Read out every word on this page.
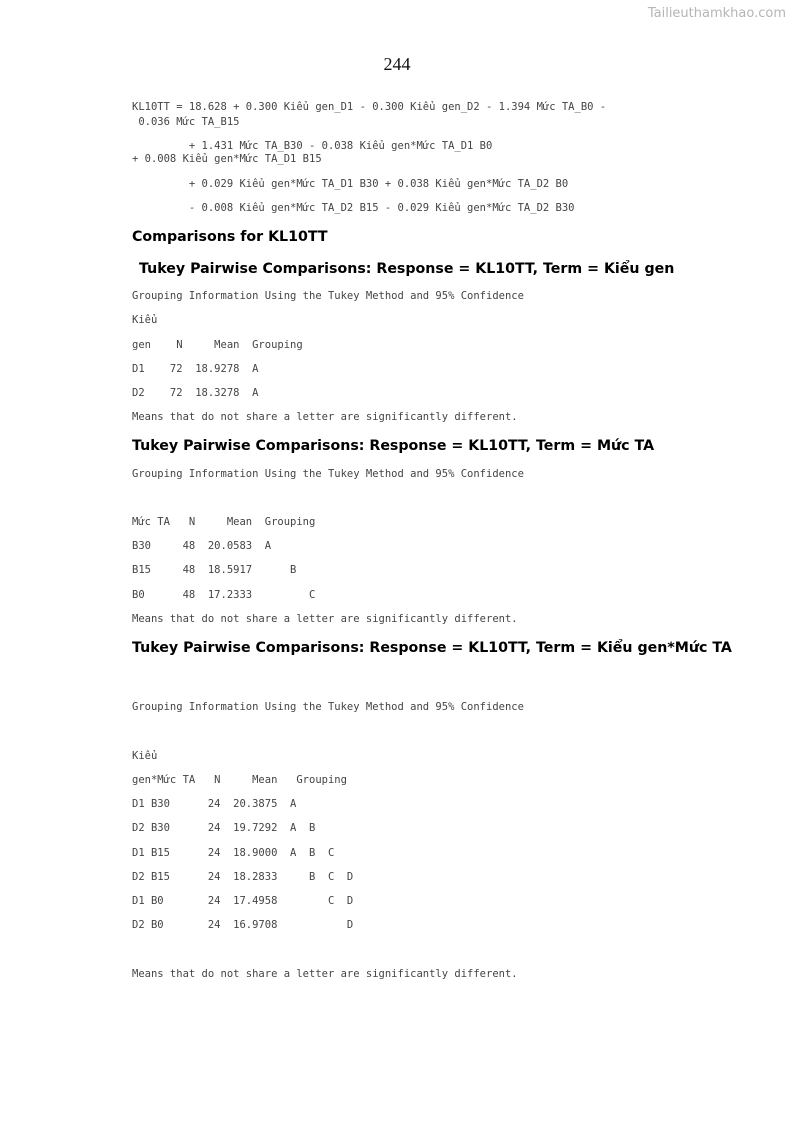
Tailieuthamkhao.com
244
KL10TT = 18.628 + 0.300 Kiểu gen_D1 - 0.300 Kiểu gen_D2 - 1.394 Mức TA_B0 -
0.036 Mức TA_B15
+ 1.431 Mức TA_B30 - 0.038 Kiểu gen*Mức TA_D1 B0
+ 0.008 Kiểu gen*Mức TA_D1 B15
+ 0.029 Kiểu gen*Mức TA_D1 B30 + 0.038 Kiểu gen*Mức TA_D2 B0
- 0.008 Kiểu gen*Mức TA_D2 B15 - 0.029 Kiểu gen*Mức TA_D2 B30
Comparisons for KL10TT
Tukey Pairwise Comparisons: Response = KL10TT, Term = Kiểu gen
Grouping Information Using the Tukey Method and 95% Confidence
Kiểu
gen    N     Mean  Grouping
D1    72  18.9278  A
D2    72  18.3278  A
Means that do not share a letter are significantly different.
Tukey Pairwise Comparisons: Response = KL10TT, Term = Mức TA
Grouping Information Using the Tukey Method and 95% Confidence
Mức TA   N     Mean  Grouping
B30     48  20.0583  A
B15     48  18.5917      B
B0      48  17.2333         C
Means that do not share a letter are significantly different.
Tukey Pairwise Comparisons: Response = KL10TT, Term = Kiểu gen*Mức TA
Grouping Information Using the Tukey Method and 95% Confidence
Kiểu
gen*Mức TA   N     Mean   Grouping
D1 B30      24  20.3875  A
D2 B30      24  19.7292  A  B
D1 B15      24  18.9000  A  B  C
D2 B15      24  18.2833     B  C  D
D1 B0       24  17.4958        C  D
D2 B0       24  16.9708           D
Means that do not share a letter are significantly different.
